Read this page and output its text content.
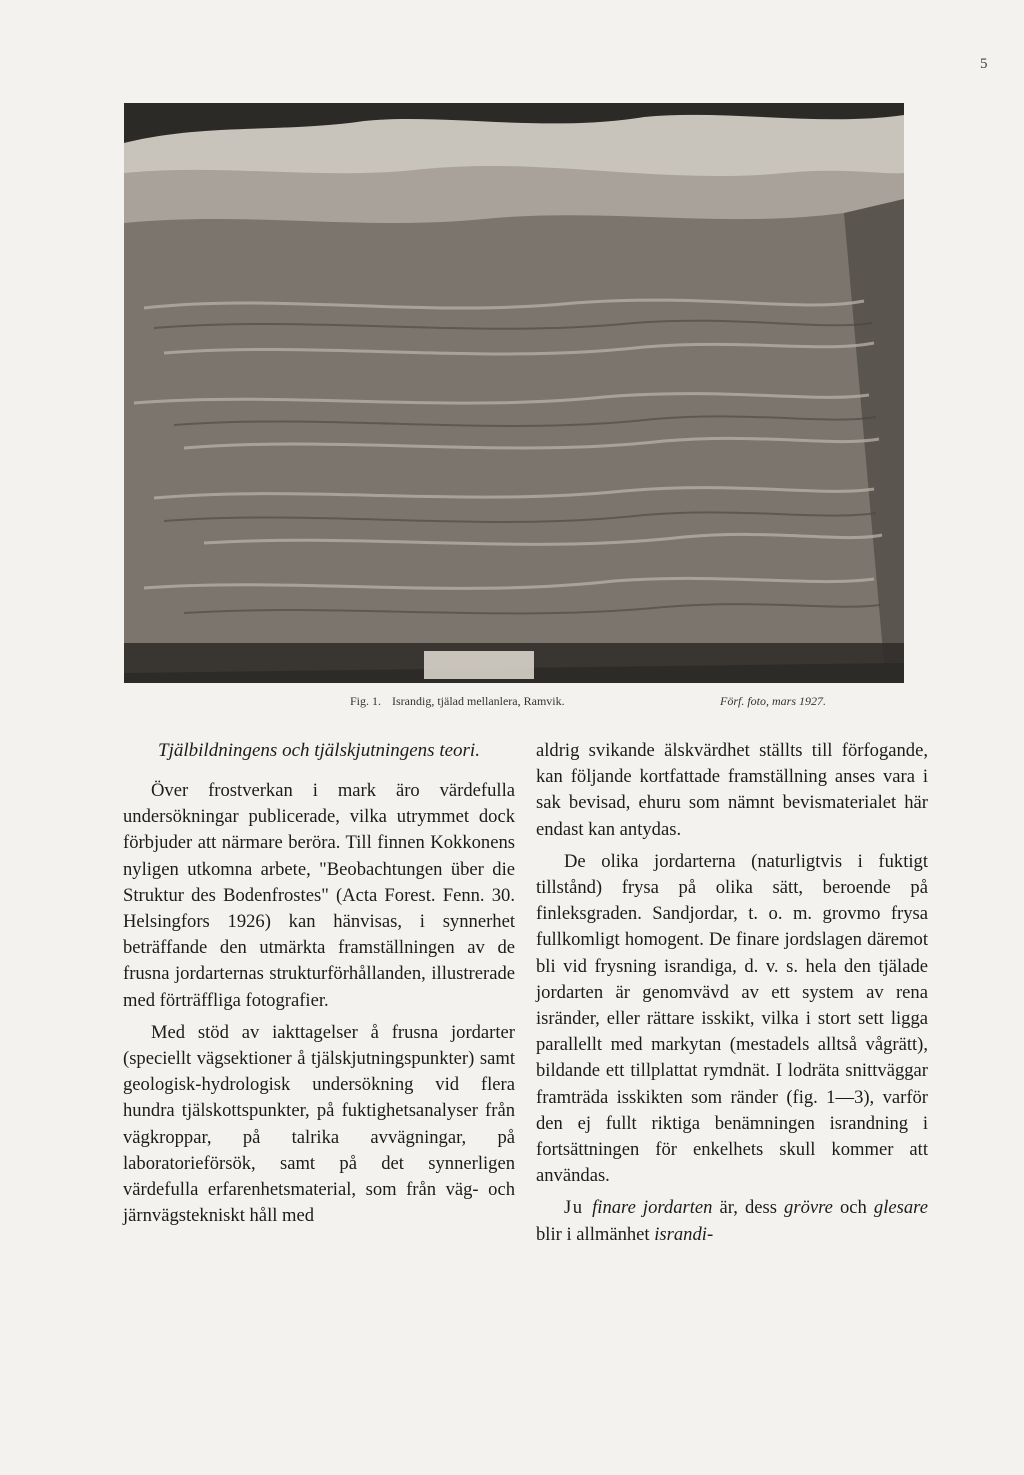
5
Fig. 1. Israndig, tjälad mellanlera, Ramvik.	Förf. foto, mars 1927.
Tjälbildningens och tjälskjutningens teori.

Över frostverkan i mark äro värdefulla undersökningar publicerade, vilka utrymmet dock förbjuder att närmare beröra. Till finnen Kokkonens nyligen utkomna arbete, "Beobachtungen über die Struktur des Bodenfrostes" (Acta Forest. Fenn. 30. Helsingfors 1926) kan hänvisas, i synnerhet beträffande den utmärkta framställningen av de frusna jordarternas strukturförhållanden, illustrerade med förträffliga fotografier.

Med stöd av iakttagelser å frusna jordarter (speciellt vägsektioner å tjälskjutningspunkter) samt geologisk-hydrologisk undersökning vid flera hundra tjälskottspunkter, på fuktighetsanalyser från vägkroppar, på talrika avvägningar, på laboratorieförsök, samt på det synnerligen värdefulla erfarenhetsmaterial, som från väg- och järnvägstekniskt håll med

aldrig svikande älskvärdhet ställts till förfogande, kan följande kortfattade framställning anses vara i sak bevisad, ehuru som nämnt bevismaterialet här endast kan antydas.

De olika jordarterna (naturligtvis i fuktigt tillstånd) frysa på olika sätt, beroende på finleksgraden. Sandjordar, t. o. m. grovmo frysa fullkomligt homogent. De finare jordslagen däremot bli vid frysning israndiga, d. v. s. hela den tjälade jordarten är genomvävd av ett system av rena isränder, eller rättare isskikt, vilka i stort sett ligga parallellt med markytan (mestadels alltså vågrätt), bildande ett tillplattat rymdnät. I lodräta snittväggar framträda isskikten som ränder (fig. 1—3), varför den ej fullt riktiga benämningen israndning i fortsättningen för enkelhets skull kommer att användas.

Ju finare jordarten är, dess grövre och glesare blir i allmänhet israndi-
